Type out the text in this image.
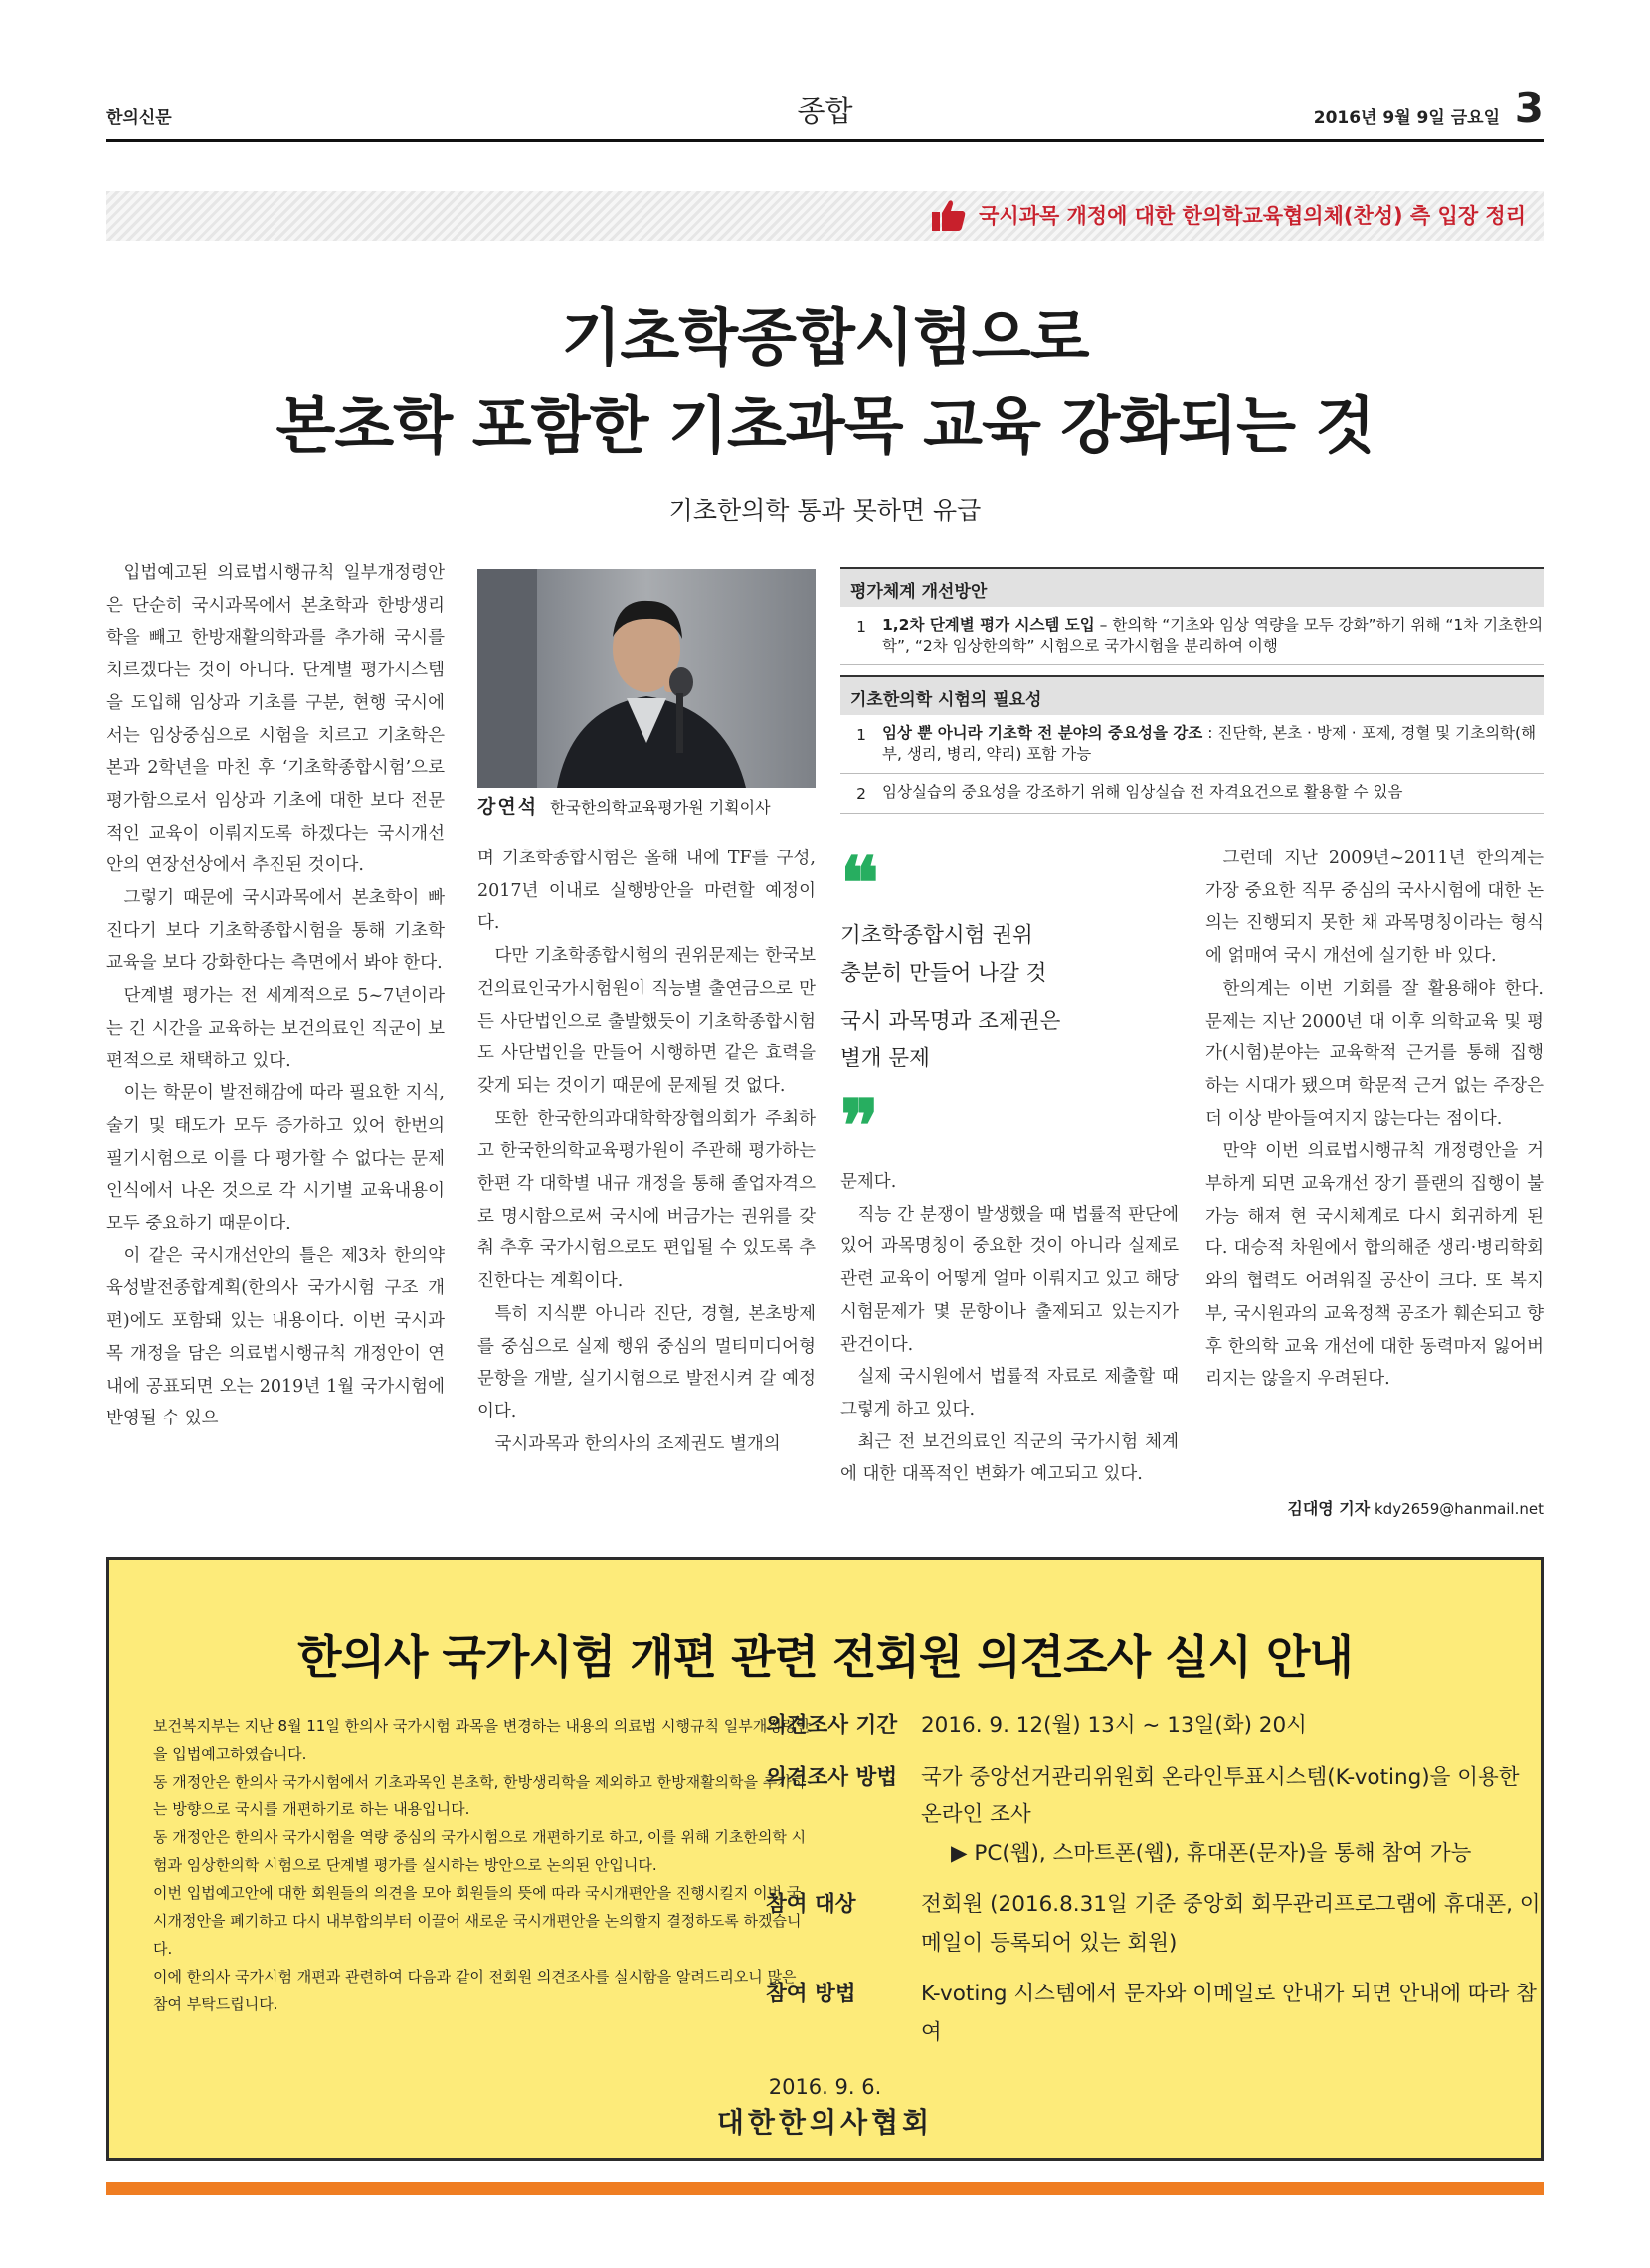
한의신문	종합	2016년 9월 9일 금요일 3
국시과목 개정에 대한 한의학교육협의체(찬성) 측 입장 정리
기초학종합시험으로
본초학 포함한 기초과목 교육 강화되는 것
기초한의학 통과 못하면 유급

입법예고된 의료법시행규칙 일부개정령안은 단순히 국시과목에서 본초학과 한방생리학을 빼고 한방재활의학과를 추가해 국시를 치르겠다는 것이 아니다. 단계별 평가시스템을 도입해 임상과 기초를 구분, 현행 국시에서는 임상중심으로 시험을 치르고 기초학은 본과 2학년을 마친 후 ‘기초학종합시험’으로 평가함으로서 임상과 기초에 대한 보다 전문적인 교육이 이뤄지도록 하겠다는 국시개선안의 연장선상에서 추진된 것이다.

그렇기 때문에 국시과목에서 본초학이 빠진다기 보다 기초학종합시험을 통해 기초학 교육을 보다 강화한다는 측면에서 봐야 한다.

단계별 평가는 전 세계적으로 5~7년이라는 긴 시간을 교육하는 보건의료인 직군이 보편적으로 채택하고 있다.

이는 학문이 발전해감에 따라 필요한 지식, 술기 및 태도가 모두 증가하고 있어 한번의 필기시험으로 이를 다 평가할 수 없다는 문제인식에서 나온 것으로 각 시기별 교육내용이 모두 중요하기 때문이다.

이 같은 국시개선안의 틀은 제3차 한의약육성발전종합계획(한의사 국가시험 구조 개편)에도 포함돼 있는 내용이다. 이번 국시과목 개정을 담은 의료법시행규칙 개정안이 연내에 공표되면 오는 2019년 1월 국가시험에 반영될 수 있으

강연석 한국한의학교육평가원 기획이사
평가체계 개선방안
1	1,2차 단계별 평가 시스템 도입 – 한의학 “기초와 임상 역량을 모두 강화”하기 위해 “1차 기초한의학”, “2차 임상한의학” 시험으로 국가시험을 분리하여 이행
기초한의학 시험의 필요성
1	임상 뿐 아니라 기초학 전 분야의 중요성을 강조 : 진단학, 본초 · 방제 · 포제, 경혈 및 기초의학(해부, 생리, 병리, 약리) 포함 가능
2	임상실습의 중요성을 강조하기 위해 임상실습 전 자격요건으로 활용할 수 있음

며 기초학종합시험은 올해 내에 TF를 구성, 2017년 이내로 실행방안을 마련할 예정이다.

다만 기초학종합시험의 권위문제는 한국보건의료인국가시험원이 직능별 출연금으로 만든 사단법인으로 출발했듯이 기초학종합시험도 사단법인을 만들어 시행하면 같은 효력을 갖게 되는 것이기 때문에 문제될 것 없다.

또한 한국한의과대학학장협의회가 주최하고 한국한의학교육평가원이 주관해 평가하는 한편 각 대학별 내규 개정을 통해 졸업자격으로 명시함으로써 국시에 버금가는 권위를 갖춰 추후 국가시험으로도 편입될 수 있도록 추진한다는 계획이다.

특히 지식뿐 아니라 진단, 경혈, 본초방제를 중심으로 실제 행위 중심의 멀티미디어형 문항을 개발, 실기시험으로 발전시켜 갈 예정이다.

국시과목과 한의사의 조제권도 별개의

❝
기초학종합시험 권위
충분히 만들어 나갈 것
국시 과목명과 조제권은
별개 문제
❞

문제다.

직능 간 분쟁이 발생했을 때 법률적 판단에 있어 과목명칭이 중요한 것이 아니라 실제로 관련 교육이 어떻게 얼마 이뤄지고 있고 해당 시험문제가 몇 문항이나 출제되고 있는지가 관건이다.

실제 국시원에서 법률적 자료로 제출할 때 그렇게 하고 있다.

최근 전 보건의료인 직군의 국가시험 체계에 대한 대폭적인 변화가 예고되고 있다.

그런데 지난 2009년~2011년 한의계는 가장 중요한 직무 중심의 국사시험에 대한 논의는 진행되지 못한 채 과목명칭이라는 형식에 얽매여 국시 개선에 실기한 바 있다.

한의계는 이번 기회를 잘 활용해야 한다. 문제는 지난 2000년 대 이후 의학교육 및 평가(시험)분야는 교육학적 근거를 통해 집행하는 시대가 됐으며 학문적 근거 없는 주장은 더 이상 받아들여지지 않는다는 점이다.

만약 이번 의료법시행규칙 개정령안을 거부하게 되면 교육개선 장기 플랜의 집행이 불가능 해져 현 국시체계로 다시 회귀하게 된다. 대승적 차원에서 합의해준 생리·병리학회와의 협력도 어려워질 공산이 크다. 또 복지부, 국시원과의 교육정책 공조가 훼손되고 향후 한의학 교육 개선에 대한 동력마저 잃어버리지는 않을지 우려된다.

김대영 기자 kdy2659@hanmail.net
한의사 국가시험 개편 관련 전회원 의견조사 실시 안내
보건복지부는 지난 8월 11일 한의사 국가시험 과목을 변경하는 내용의 의료법 시행규칙 일부개정령안을 입법예고하였습니다.
동 개정안은 한의사 국가시험에서 기초과목인 본초학, 한방생리학을 제외하고 한방재활의학을 추가하는 방향으로 국시를 개편하기로 하는 내용입니다.
동 개정안은 한의사 국가시험을 역량 중심의 국가시험으로 개편하기로 하고, 이를 위해 기초한의학 시험과 임상한의학 시험으로 단계별 평가를 실시하는 방안으로 논의된 안입니다.
이번 입법예고안에 대한 회원들의 의견을 모아 회원들의 뜻에 따라 국시개편안을 진행시킬지 이번 국시개정안을 폐기하고 다시 내부합의부터 이끌어 새로운 국시개편안을 논의할지 결정하도록 하겠습니다.
이에 한의사 국가시험 개편과 관련하여 다음과 같이 전회원 의견조사를 실시함을 알려드리오니 많은 참여 부탁드립니다.
의견조사 기간	2016. 9. 12(월) 13시 ~ 13일(화) 20시
의견조사 방법	국가 중앙선거관리위원회 온라인투표시스템(K-voting)을 이용한 온라인 조사
▶ PC(웹), 스마트폰(웹), 휴대폰(문자)을 통해 참여 가능
참여 대상	전회원 (2016.8.31일 기준 중앙회 회무관리프로그램에 휴대폰, 이메일이 등록되어 있는 회원)
참여 방법	K-voting 시스템에서 문자와 이메일로 안내가 되면 안내에 따라 참여
2016. 9. 6.
대한한의사협회
